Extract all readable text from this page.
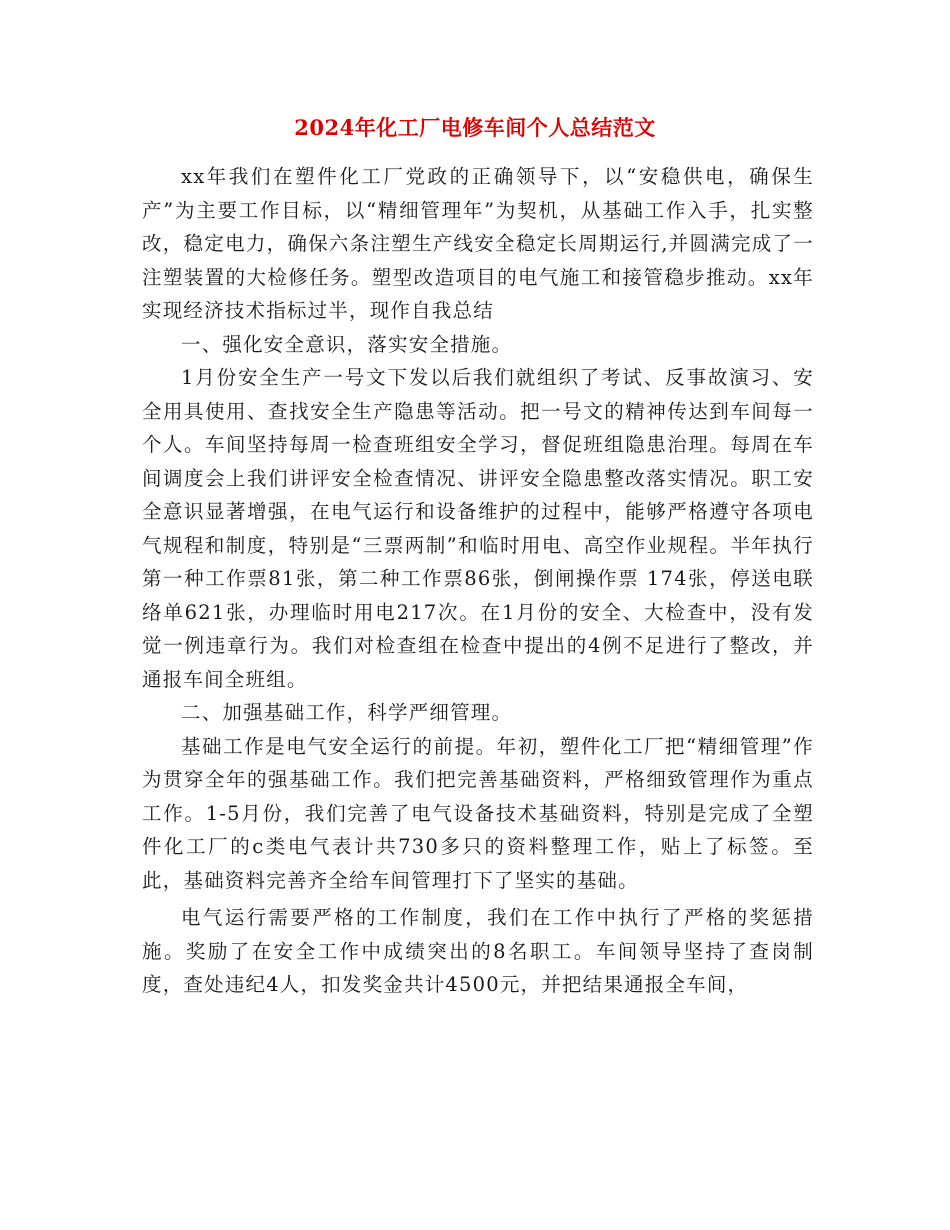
2024年化工厂电修车间个人总结范文

xx年我们在塑件化工厂党政的正确领导下，以“安稳供电，确保生产”为主要工作目标，以“精细管理年”为契机，从基础工作入手，扎实整改，稳定电力，确保六条注塑生产线安全稳定长周期运行,并圆满完成了一注塑装置的大检修任务。塑型改造项目的电气施工和接管稳步推动。xx年实现经济技术指标过半，现作自我总结

一、强化安全意识，落实安全措施。

1月份安全生产一号文下发以后我们就组织了考试、反事故演习、安全用具使用、查找安全生产隐患等活动。把一号文的精神传达到车间每一个人。车间坚持每周一检查班组安全学习，督促班组隐患治理。每周在车间调度会上我们讲评安全检查情况、讲评安全隐患整改落实情况。职工安全意识显著增强，在电气运行和设备维护的过程中，能够严格遵守各项电气规程和制度，特别是“三票两制”和临时用电、高空作业规程。半年执行第一种工作票81张，第二种工作票86张，倒闸操作票 174张，停送电联络单621张，办理临时用电217次。在1月份的安全、大检查中，没有发觉一例违章行为。我们对检查组在检查中提出的4例不足进行了整改，并通报车间全班组。

二、加强基础工作，科学严细管理。

基础工作是电气安全运行的前提。年初，塑件化工厂把“精细管理”作为贯穿全年的强基础工作。我们把完善基础资料，严格细致管理作为重点工作。1-5月份，我们完善了电气设备技术基础资料，特别是完成了全塑件化工厂的c类电气表计共730多只的资料整理工作，贴上了标签。至此，基础资料完善齐全给车间管理打下了坚实的基础。

电气运行需要严格的工作制度，我们在工作中执行了严格的奖惩措施。奖励了在安全工作中成绩突出的8名职工。车间领导坚持了查岗制度，查处违纪4人，扣发奖金共计4500元，并把结果通报全车间，
